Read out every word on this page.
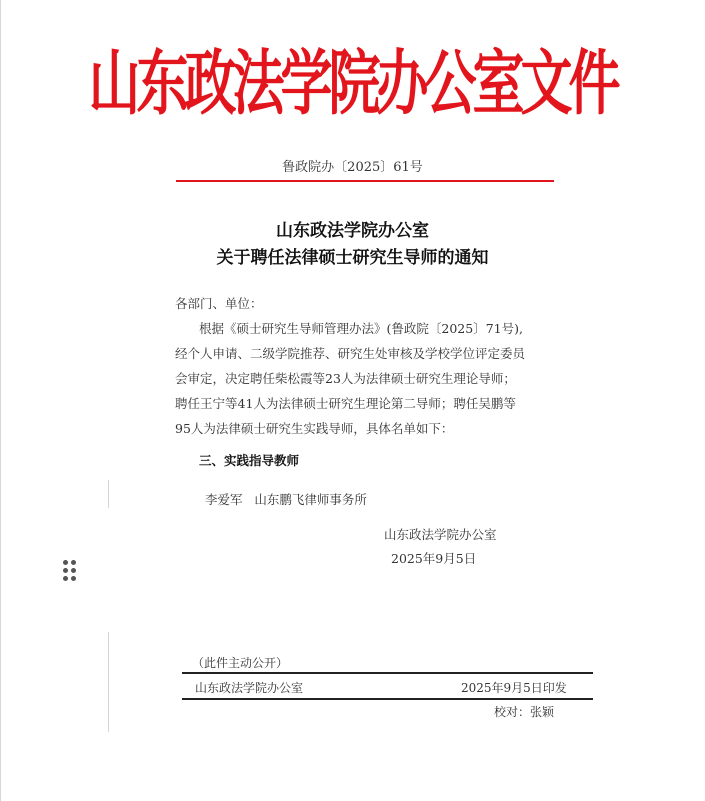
山东政法学院办公室文件
鲁政院办〔2025〕61号
山东政法学院办公室
关于聘任法律硕士研究生导师的通知
各部门、单位：
根据《硕士研究生导师管理办法》(鲁政院〔2025〕71号),
经个人申请、二级学院推荐、研究生处审核及学校学位评定委员
会审定，决定聘任柴松霞等23人为法律硕士研究生理论导师；
聘任王宁等41人为法律硕士研究生理论第二导师；聘任吴鹏等
95人为法律硕士研究生实践导师，具体名单如下：
三、实践指导教师
李爱军   山东鹏飞律师事务所
山东政法学院办公室
2025年9月5日
（此件主动公开）
山东政法学院办公室	2025年9月5日印发
校对：张颖
